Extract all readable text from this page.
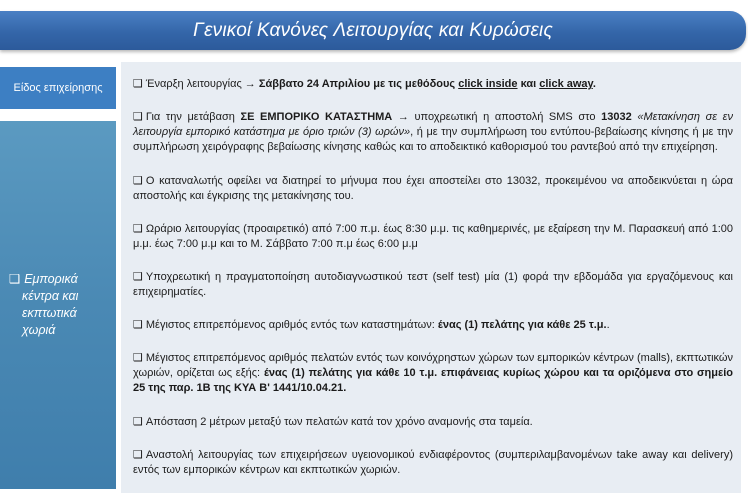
Γενικοί Κανόνες Λειτουργίας και Κυρώσεις
Είδος επιχείρησης

❑ Εμπορικά κέντρα και εκπτωτικά χωριά

❑ Έναρξη λειτουργίας → Σάββατο 24 Απριλίου με τις μεθόδους click inside και click away.
❑ Για την μετάβαση ΣΕ ΕΜΠΟΡΙΚΟ ΚΑΤΑΣΤΗΜΑ → υποχρεωτική η αποστολή SMS στο 13032 «Μετακίνηση σε εν λειτουργία εμπορικό κατάστημα με όριο τριών (3) ωρών», ή με την συμπλήρωση του εντύπου-βεβαίωσης κίνησης ή με την συμπλήρωση χειρόγραφης βεβαίωσης κίνησης καθώς και το αποδεικτικό καθορισμού του ραντεβού από την επιχείρηση.
❑ Ο καταναλωτής οφείλει να διατηρεί το μήνυμα που έχει αποστείλει στο 13032, προκειμένου να αποδεικνύεται η ώρα αποστολής και έγκρισης της μετακίνησης του.
❑ Ωράριο λειτουργίας (προαιρετικό) από 7:00 π.μ. έως 8:30 μ.μ. τις καθημερινές, με εξαίρεση την Μ. Παρασκευή από 1:00 μ.μ. έως 7:00 μ.μ και το Μ. Σάββατο 7:00 π.μ έως 6:00 μ.μ
❑ Υποχρεωτική η πραγματοποίηση αυτοδιαγνωστικού τεστ (self test) μία (1) φορά την εβδομάδα για εργαζόμενους και επιχειρηματίες.
❑ Μέγιστος επιτρεπόμενος αριθμός εντός των καταστημάτων: ένας (1) πελάτης για κάθε 25 τ.μ..
❑ Μέγιστος επιτρεπόμενος αριθμός πελατών εντός των κοινόχρηστων χώρων των εμπορικών κέντρων (malls), εκπτωτικών χωριών, ορίζεται ως εξής: ένας (1) πελάτης για κάθε 10 τ.μ. επιφάνειας κυρίως χώρου και τα οριζόμενα στο σημείο 25 της παρ. 1Β της ΚΥΑ Β' 1441/10.04.21.
❑ Απόσταση 2 μέτρων μεταξύ των πελατών κατά τον χρόνο αναμονής στα ταμεία.
❑ Αναστολή λειτουργίας των επιχειρήσεων υγειονομικού ενδιαφέροντος (συμπεριλαμβανομένων take away και delivery) εντός των εμπορικών κέντρων και εκπτωτικών χωριών.
